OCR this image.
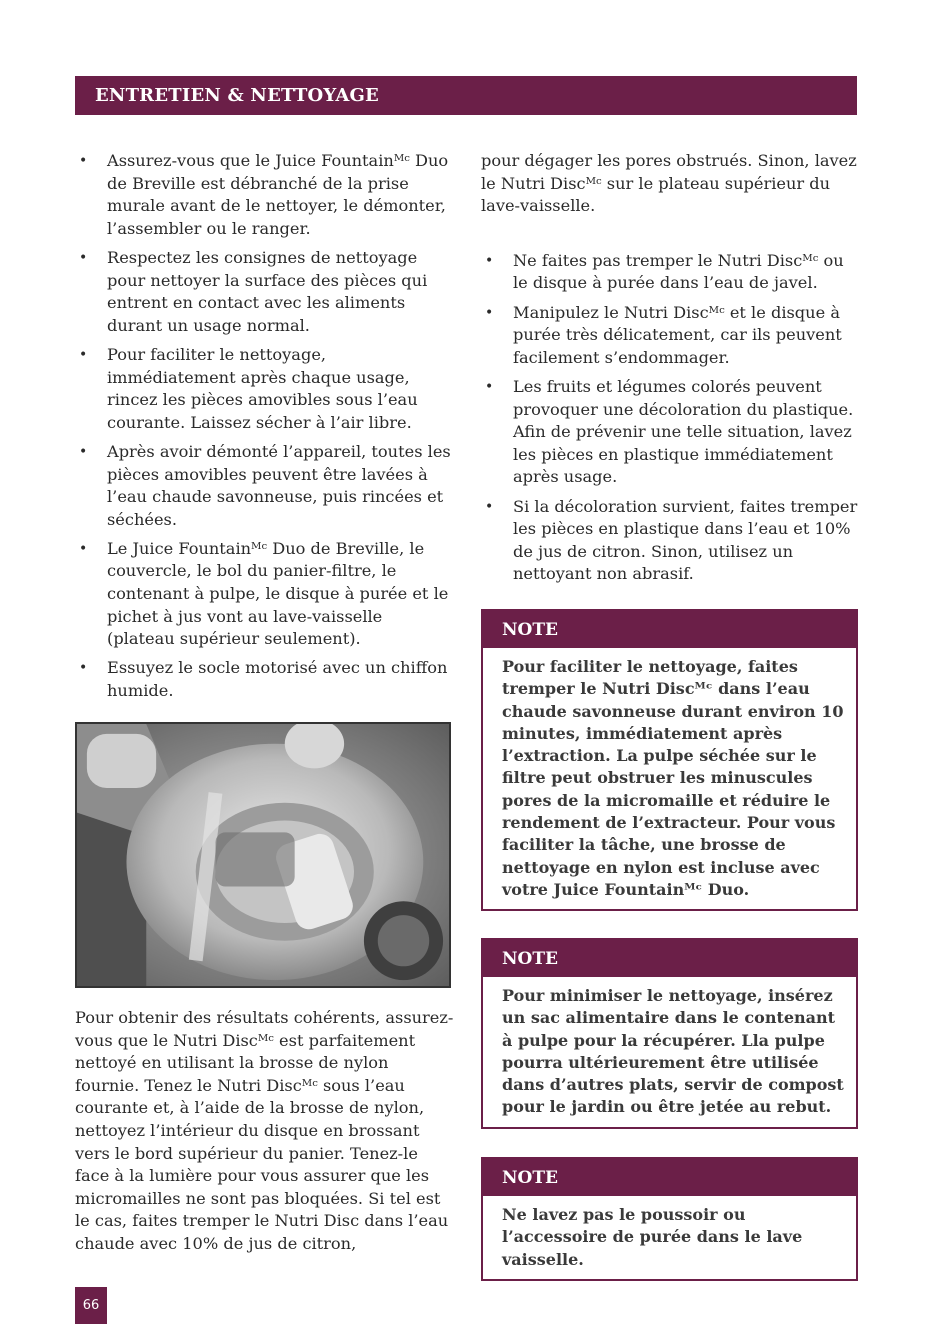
ENTRETIEN & NETTOYAGE
• Assurez-vous que le Juice Fountainᴹᶜ Duo de Breville est débranché de la prise murale avant de le nettoyer, le démonter, l’assembler ou le ranger.
• Respectez les consignes de nettoyage pour nettoyer la surface des pièces qui entrent en contact avec les aliments durant un usage normal.
• Pour faciliter le nettoyage, immédiatement après chaque usage, rincez les pièces amovibles sous l’eau courante. Laissez sécher à l’air libre.
• Après avoir démonté l’appareil, toutes les pièces amovibles peuvent être lavées à l’eau chaude savonneuse, puis rincées et séchées.
• Le Juice Fountainᴹᶜ Duo de Breville, le couvercle, le bol du panier-filtre, le contenant à pulpe, le disque à purée et le pichet à jus vont au lave-vaisselle (plateau supérieur seulement).
• Essuyez le socle motorisé avec un chiffon humide.
Pour obtenir des résultats cohérents, assurez-vous que le Nutri Discᴹᶜ est parfaitement nettoyé en utilisant la brosse de nylon fournie. Tenez le Nutri Discᴹᶜ sous l’eau courante et, à l’aide de la brosse de nylon, nettoyez l’intérieur du disque en brossant vers le bord supérieur du panier. Tenez-le face à la lumière pour vous assurer que les micromailles ne sont pas bloquées. Si tel est le cas, faites tremper le Nutri Disc dans l’eau chaude avec 10% de jus de citron,

pour dégager les pores obstrués. Sinon, lavez le Nutri Discᴹᶜ sur le plateau supérieur du lave-vaisselle.

• Ne faites pas tremper le Nutri Discᴹᶜ ou le disque à purée dans l’eau de javel.
• Manipulez le Nutri Discᴹᶜ et le disque à purée très délicatement, car ils peuvent facilement s’endommager.
• Les fruits et légumes colorés peuvent provoquer une décoloration du plastique. Afin de prévenir une telle situation, lavez les pièces en plastique immédiatement après usage.
• Si la décoloration survient, faites tremper les pièces en plastique dans l’eau et 10% de jus de citron. Sinon, utilisez un nettoyant non abrasif.
NOTE
Pour faciliter le nettoyage, faites tremper le Nutri Discᴹᶜ dans l’eau chaude savonneuse durant environ 10 minutes, immédiatement après l’extraction. La pulpe séchée sur le filtre peut obstruer les minuscules pores de la micromaille et réduire le rendement de l’extracteur. Pour vous faciliter la tâche, une brosse de nettoyage en nylon est incluse avec votre Juice Fountainᴹᶜ Duo.
NOTE
Pour minimiser le nettoyage, insérez un sac alimentaire dans le contenant à pulpe pour la récupérer. Lla pulpe pourra ultérieurement être utilisée dans d’autres plats, servir de compost pour le jardin ou être jetée au rebut.
NOTE
Ne lavez pas le poussoir ou l’accessoire de purée dans le lave vaisselle.
66
